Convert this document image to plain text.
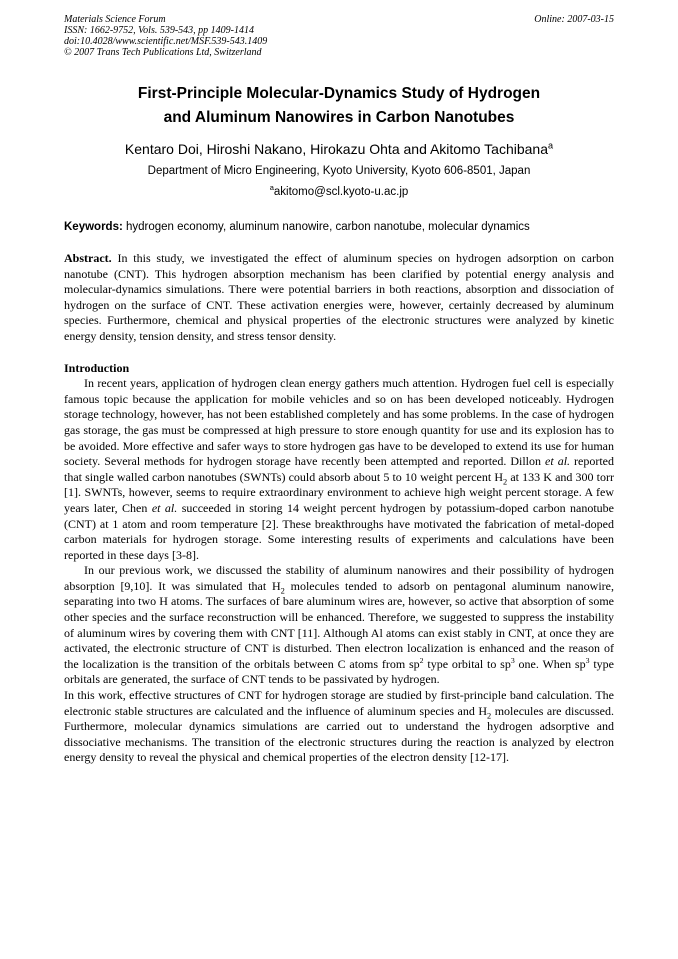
Materials Science Forum
ISSN: 1662-9752, Vols. 539-543, pp 1409-1414
doi:10.4028/www.scientific.net/MSF.539-543.1409
© 2007 Trans Tech Publications Ltd, Switzerland
Online: 2007-03-15
First-Principle Molecular-Dynamics Study of Hydrogen
and Aluminum Nanowires in Carbon Nanotubes
Kentaro Doi, Hiroshi Nakano, Hirokazu Ohta and Akitomo Tachibana$^a$
Department of Micro Engineering, Kyoto University, Kyoto 606-8501, Japan
$^a$akitomo@scl.kyoto-u.ac.jp
Keywords: hydrogen economy, aluminum nanowire, carbon nanotube, molecular dynamics
Abstract. In this study, we investigated the effect of aluminum species on hydrogen adsorption on carbon nanotube (CNT). This hydrogen absorption mechanism has been clarified by potential energy analysis and molecular-dynamics simulations. There were potential barriers in both reactions, absorption and dissociation of hydrogen on the surface of CNT. These activation energies were, however, certainly decreased by aluminum species. Furthermore, chemical and physical properties of the electronic structures were analyzed by kinetic energy density, tension density, and stress tensor density.
Introduction

In recent years, application of hydrogen clean energy gathers much attention. Hydrogen fuel cell is especially famous topic because the application for mobile vehicles and so on has been developed noticeably. Hydrogen storage technology, however, has not been established completely and has some problems. In the case of hydrogen gas storage, the gas must be compressed at high pressure to store enough quantity for use and its explosion has to be avoided. More effective and safer ways to store hydrogen gas have to be developed to extend its use for human society. Several methods for hydrogen storage have recently been attempted and reported. Dillon et al. reported that single walled carbon nanotubes (SWNTs) could absorb about 5 to 10 weight percent $H_2$ at 133 K and 300 torr [1]. SWNTs, however, seems to require extraordinary environment to achieve high weight percent storage. A few years later, Chen et al. succeeded in storing 14 weight percent hydrogen by potassium-doped carbon nanotube (CNT) at 1 atom and room temperature [2]. These breakthroughs have motivated the fabrication of metal-doped carbon materials for hydrogen storage. Some interesting results of experiments and calculations have been reported in these days [3-8].

In our previous work, we discussed the stability of aluminum nanowires and their possibility of hydrogen absorption [9,10]. It was simulated that $H_2$ molecules tended to adsorb on pentagonal aluminum nanowire, separating into two H atoms. The surfaces of bare aluminum wires are, however, so active that absorption of some other species and the surface reconstruction will be enhanced. Therefore, we suggested to suppress the instability of aluminum wires by covering them with CNT [11]. Although Al atoms can exist stably in CNT, at once they are activated, the electronic structure of CNT is disturbed. Then electron localization is enhanced and the reason of the localization is the transition of the orbitals between C atoms from $sp^2$ type orbital to $sp^3$ one. When $sp^3$ type orbitals are generated, the surface of CNT tends to be passivated by hydrogen.

In this work, effective structures of CNT for hydrogen storage are studied by first-principle band calculation. The electronic stable structures are calculated and the influence of aluminum species and $H_2$ molecules are discussed. Furthermore, molecular dynamics simulations are carried out to understand the hydrogen adsorptive and dissociative mechanisms. The transition of the electronic structures during the reaction is analyzed by electron energy density to reveal the physical and chemical properties of the electron density [12-17].
